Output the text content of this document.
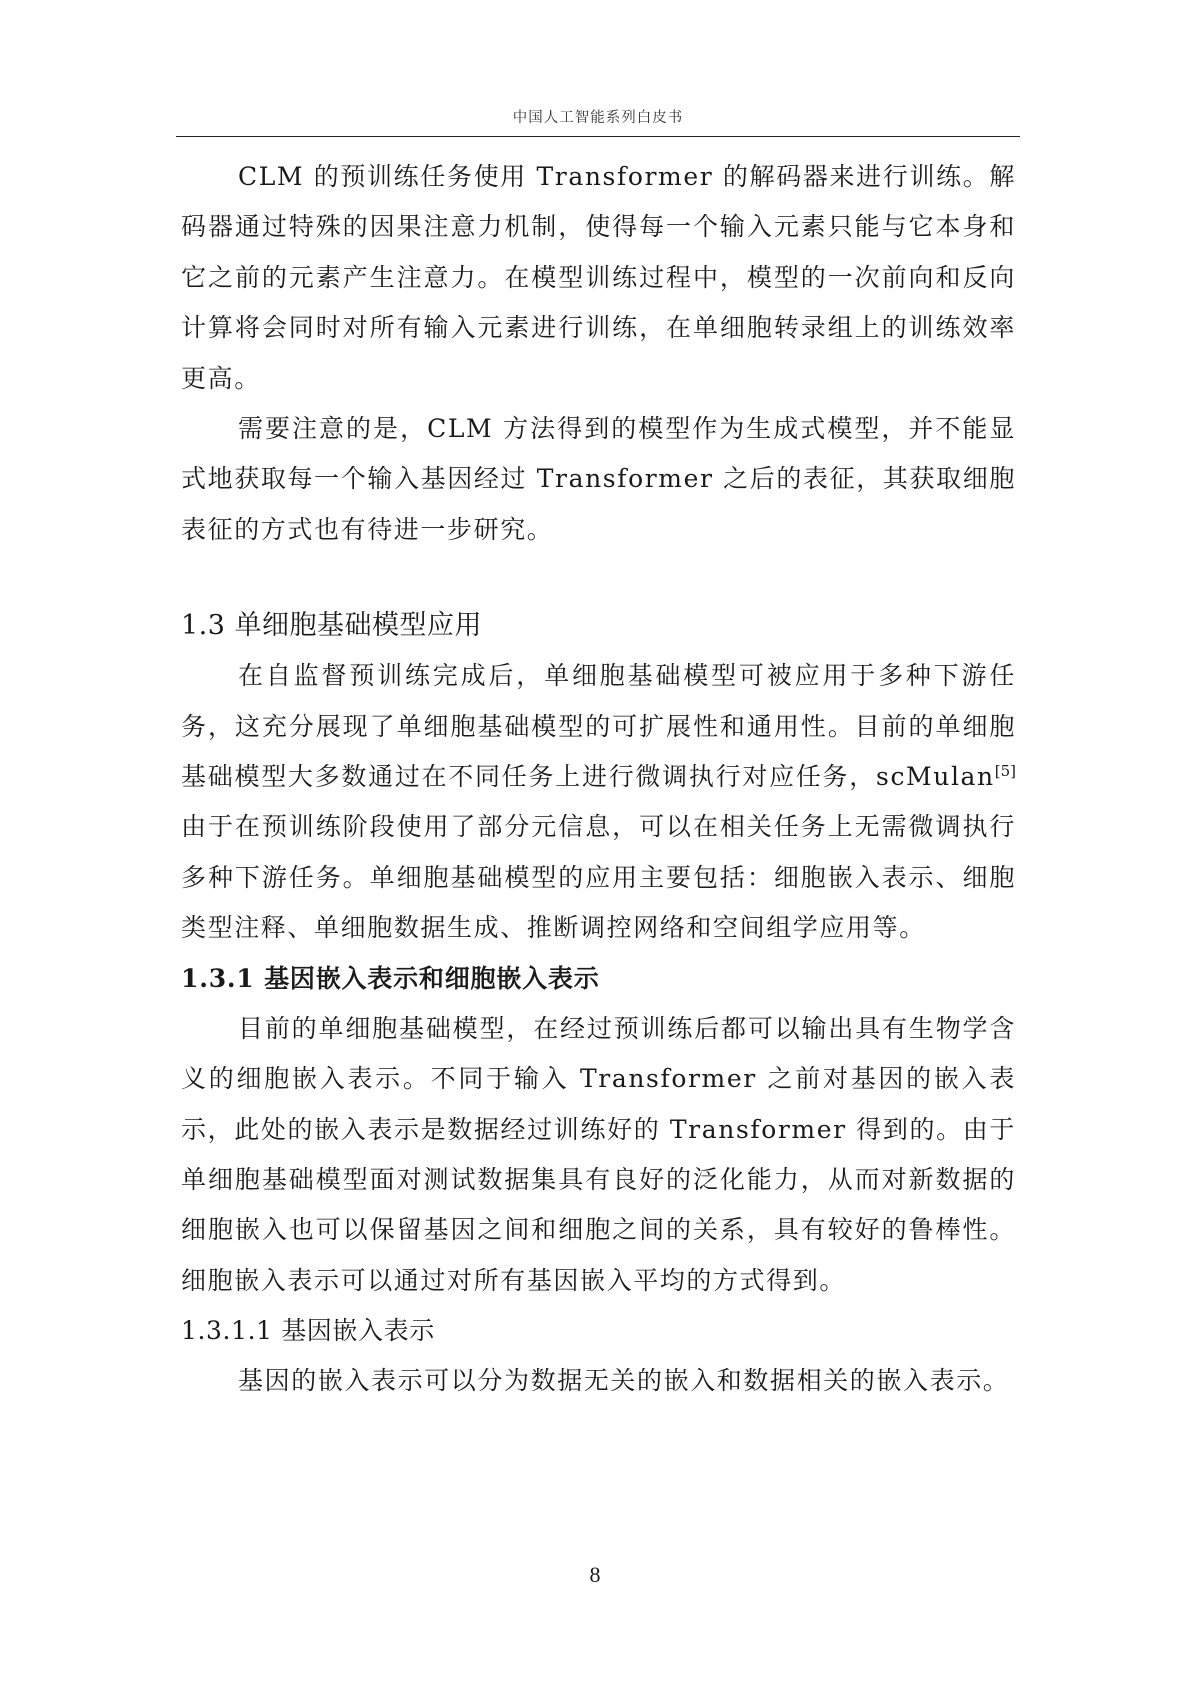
中国人工智能系列白皮书

CLM 的预训练任务使用 Transformer 的解码器来进行训练。解码器通过特殊的因果注意力机制，使得每一个输入元素只能与它本身和它之前的元素产生注意力。在模型训练过程中，模型的一次前向和反向计算将会同时对所有输入元素进行训练，在单细胞转录组上的训练效率更高。

需要注意的是，CLM 方法得到的模型作为生成式模型，并不能显式地获取每一个输入基因经过 Transformer 之后的表征，其获取细胞表征的方式也有待进一步研究。

1.3 单细胞基础模型应用

在自监督预训练完成后，单细胞基础模型可被应用于多种下游任务，这充分展现了单细胞基础模型的可扩展性和通用性。目前的单细胞基础模型大多数通过在不同任务上进行微调执行对应任务，scMulan[5]由于在预训练阶段使用了部分元信息，可以在相关任务上无需微调执行多种下游任务。单细胞基础模型的应用主要包括：细胞嵌入表示、细胞类型注释、单细胞数据生成、推断调控网络和空间组学应用等。

1.3.1 基因嵌入表示和细胞嵌入表示

目前的单细胞基础模型，在经过预训练后都可以输出具有生物学含义的细胞嵌入表示。不同于输入 Transformer 之前对基因的嵌入表示，此处的嵌入表示是数据经过训练好的 Transformer 得到的。由于单细胞基础模型面对测试数据集具有良好的泛化能力，从而对新数据的细胞嵌入也可以保留基因之间和细胞之间的关系，具有较好的鲁棒性。细胞嵌入表示可以通过对所有基因嵌入平均的方式得到。

1.3.1.1 基因嵌入表示

基因的嵌入表示可以分为数据无关的嵌入和数据相关的嵌入表示。

8
